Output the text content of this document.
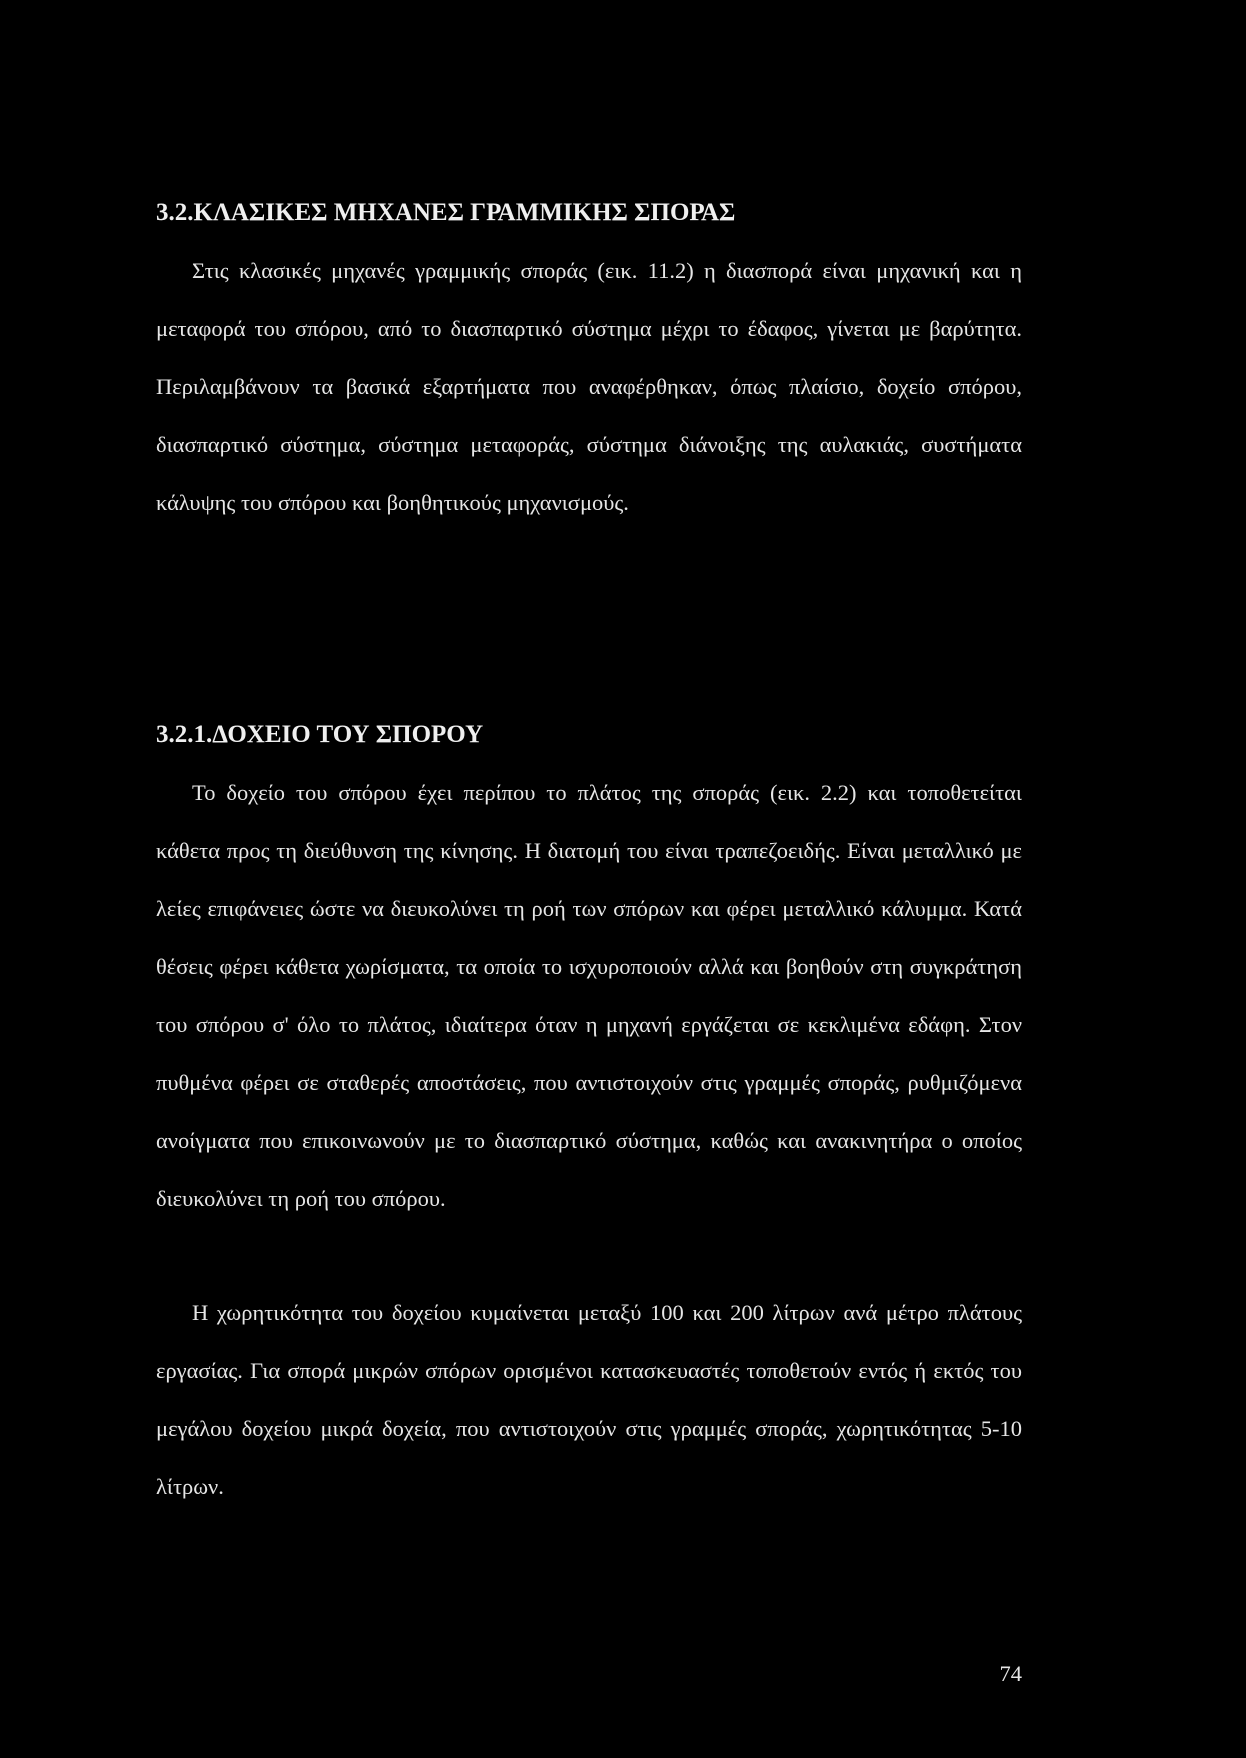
3.2.ΚΛΑΣΙΚΕΣ ΜΗΧΑΝΕΣ ΓΡΑΜΜΙΚΗΣ ΣΠΟΡΑΣ

Στις κλασικές μηχανές γραμμικής σποράς (εικ. 11.2) η διασπορά είναι μηχανική και η μεταφορά του σπόρου, από το διασπαρτικό σύστημα μέχρι το έδαφος, γίνεται με βαρύτητα. Περιλαμβάνουν τα βασικά εξαρτήματα που αναφέρθηκαν, όπως πλαίσιο, δοχείο σπόρου, διασπαρτικό σύστημα, σύστημα μεταφοράς, σύστημα διάνοιξης της αυλακιάς, συστήματα κάλυψης του σπόρου και βοηθητικούς μηχανισμούς.

3.2.1.ΔΟΧΕΙΟ ΤΟΥ ΣΠΟΡΟΥ

Το δοχείο του σπόρου έχει περίπου το πλάτος της σποράς (εικ. 2.2) και τοποθετείται κάθετα προς τη διεύθυνση της κίνησης. Η διατομή του είναι τραπεζοειδής. Είναι μεταλλικό με λείες επιφάνειες ώστε να διευκολύνει τη ροή των σπόρων και φέρει μεταλλικό κάλυμμα. Κατά θέσεις φέρει κάθετα χωρίσματα, τα οποία το ισχυροποιούν αλλά και βοηθούν στη συγκράτηση του σπόρου σ' όλο το πλάτος, ιδιαίτερα όταν η μηχανή εργάζεται σε κεκλιμένα εδάφη. Στον πυθμένα φέρει σε σταθερές αποστάσεις, που αντιστοιχούν στις γραμμές σποράς, ρυθμιζόμενα ανοίγματα που επικοινωνούν με το διασπαρτικό σύστημα, καθώς και ανακινητήρα ο οποίος διευκολύνει τη ροή του σπόρου.

Η χωρητικότητα του δοχείου κυμαίνεται μεταξύ 100 και 200 λίτρων ανά μέτρο πλάτους εργασίας. Για σπορά μικρών σπόρων ορισμένοι κατασκευαστές τοποθετούν εντός ή εκτός του μεγάλου δοχείου μικρά δοχεία, που αντιστοιχούν στις γραμμές σποράς, χωρητικότητας 5-10 λίτρων.

74
